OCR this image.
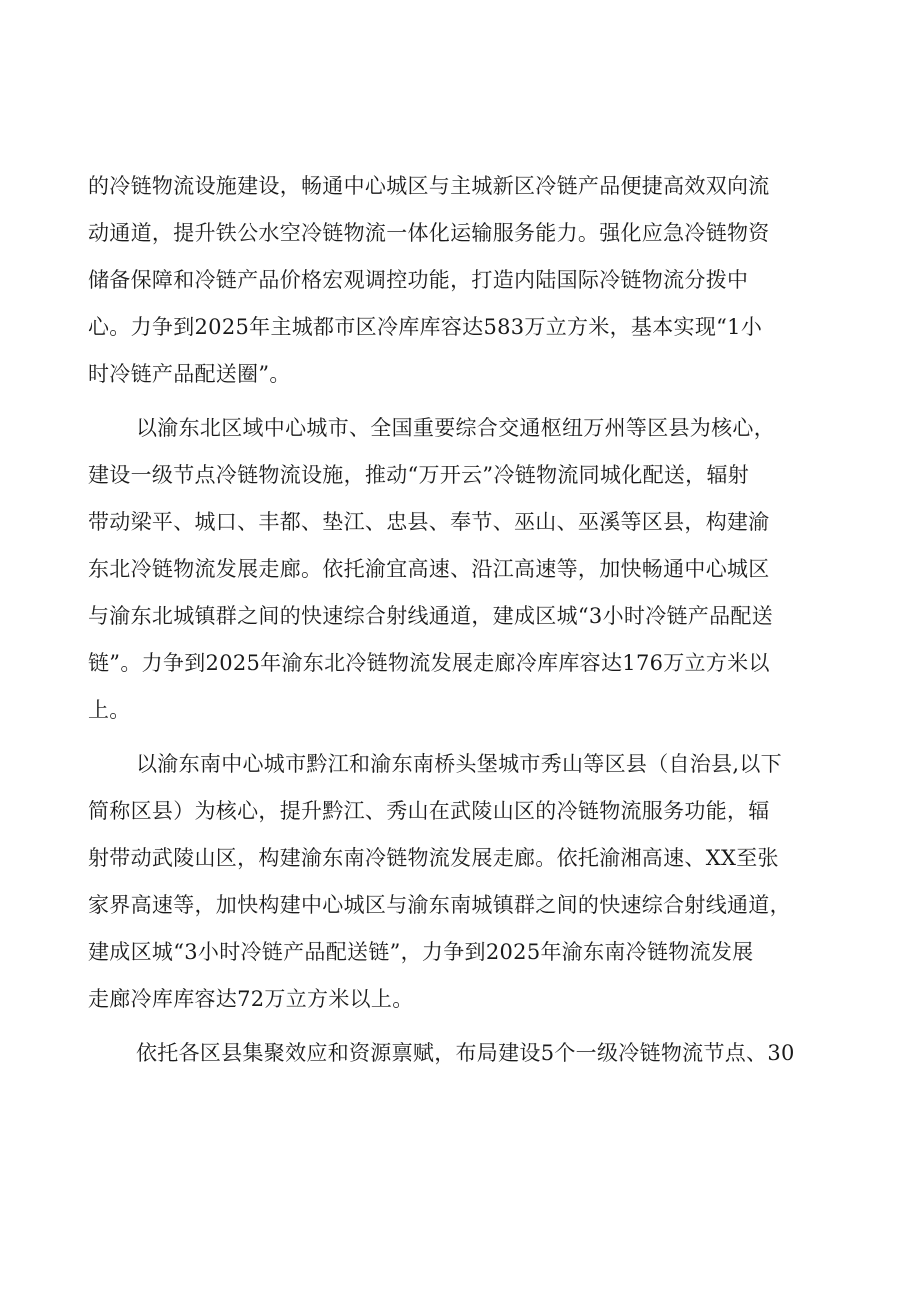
的冷链物流设施建设，畅通中心城区与主城新区冷链产品便捷高效双向流

动通道，提升铁公水空冷链物流一体化运输服务能力。强化应急冷链物资

储备保障和冷链产品价格宏观调控功能，打造内陆国际冷链物流分拨中

心。力争到2025年主城都市区冷库库容达583万立方米，基本实现“1小

时冷链产品配送圈”。

以渝东北区域中心城市、全国重要综合交通枢纽万州等区县为核心，

建设一级节点冷链物流设施，推动“万开云”冷链物流同城化配送，辐射

带动梁平、城口、丰都、垫江、忠县、奉节、巫山、巫溪等区县，构建渝

东北冷链物流发展走廊。依托渝宜高速、沿江高速等，加快畅通中心城区

与渝东北城镇群之间的快速综合射线通道，建成区城“3小时冷链产品配送

链”。力争到2025年渝东北冷链物流发展走廊冷库库容达176万立方米以

上。

以渝东南中心城市黔江和渝东南桥头堡城市秀山等区县（自治县,以下

简称区县）为核心，提升黔江、秀山在武陵山区的冷链物流服务功能，辐

射带动武陵山区，构建渝东南冷链物流发展走廊。依托渝湘高速、XX至张

家界高速等，加快构建中心城区与渝东南城镇群之间的快速综合射线通道，

建成区城“3小时冷链产品配送链”，力争到2025年渝东南冷链物流发展

走廊冷库库容达72万立方米以上。

依托各区县集聚效应和资源禀赋，布局建设5个一级冷链物流节点、30
